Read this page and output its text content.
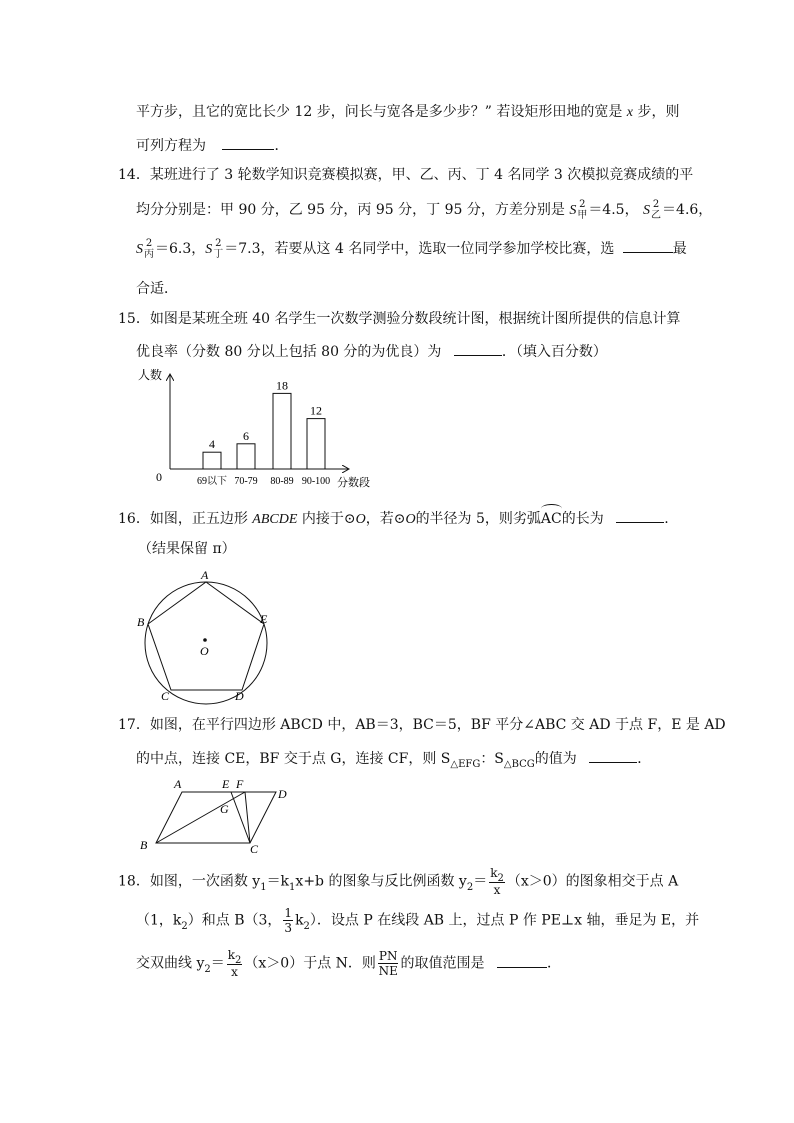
平方步，且它的宽比长少 12 步，问长与宽各是多少步？” 若设矩形田地的宽是 x 步，则
可列方程为	．
14．某班进行了 3 轮数学知识竞赛模拟赛，甲、乙、丙、丁 4 名同学 3 次模拟竞赛成绩的平
均分分别是：甲 90 分，乙 95 分，丙 95 分，丁 95 分，方差分别是 S 2
甲 ＝4.5， S 2
乙 ＝4.6，
S 2
丙 ＝6.3，S 2
丁 ＝7.3，若要从这 4 名同学中，选取一位同学参加学校比赛，选	最
合适．
15．如图是某班全班 40 名学生一次数学测验分数段统计图，根据统计图所提供的信息计算
优良率（分数 80 分以上包括 80 分的为优良）为	．（填入百分数）
人数
分数段
0
4
69以下
6
70-79
18
80-89
12
90-100
16．如图，正五边形 ABCDE 内接于⊙O，若⊙O的半径为 5，则劣弧AC的长为	.
（结果保留 π）
A
B	E
O
C	D
17．如图，在平行四边形 ABCD 中，AB＝3，BC＝5，BF 平分∠ABC 交 AD 于点 F，E 是 AD
的中点，连接 CE，BF 交于点 G，连接 CF，则 $S_{\triangle EFG}$：$S_{\triangle BCG}$的值为	．
A	E F
D
G
B	C
18．如图，一次函数 $y_1=k_1x+b$ 的图象与反比例函数 $y_2= \frac{k_2}{x} (x>0)$的图象相交于点 A
（1，$k_2$）和点 B（3， $\frac{1}{3} k_2$）．设点 P 在线段 AB 上，过点 P 作 PE⊥x 轴，垂足为 E，并
交双曲线 $y_2= \frac{k_2}{x} (x>0)$于点 N．则 $\frac{PN}{NE}$ 的取值范围是	．
